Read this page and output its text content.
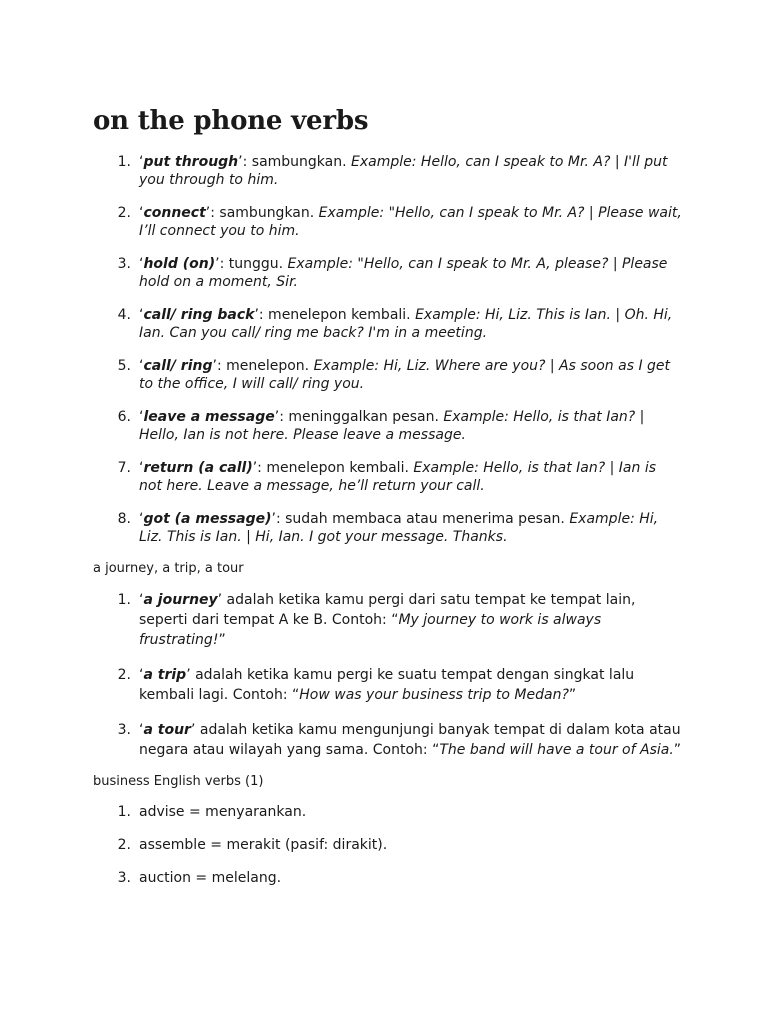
on the phone verbs
1. ‘put through’: sambungkan. Example: Hello, can I speak to Mr. A? | I'll put you through to him.
2. ‘connect’: sambungkan. Example: "Hello, can I speak to Mr. A? | Please wait, I’ll connect you to him.
3. ‘hold (on)’: tunggu. Example: "Hello, can I speak to Mr. A, please? | Please hold on a moment, Sir.
4. ‘call/ ring back’: menelepon kembali. Example: Hi, Liz. This is Ian. | Oh. Hi, Ian. Can you call/ ring me back? I'm in a meeting.
5. ‘call/ ring’: menelepon. Example: Hi, Liz. Where are you? | As soon as I get to the office, I will call/ ring you.
6. ‘leave a message’: meninggalkan pesan. Example: Hello, is that Ian? | Hello, Ian is not here. Please leave a message.
7. ‘return (a call)’: menelepon kembali. Example: Hello, is that Ian? | Ian is not here. Leave a message, he’ll return your call.
8. ‘got (a message)’: sudah membaca atau menerima pesan. Example: Hi, Liz. This is Ian. | Hi, Ian. I got your message. Thanks.

a journey, a trip, a tour

1. ‘a journey’ adalah ketika kamu pergi dari satu tempat ke tempat lain, seperti dari tempat A ke B. Contoh: “My journey to work is always frustrating!”
2. ‘a trip’ adalah ketika kamu pergi ke suatu tempat dengan singkat lalu kembali lagi. Contoh: “How was your business trip to Medan?”
3. ‘a tour’ adalah ketika kamu mengunjungi banyak tempat di dalam kota atau negara atau wilayah yang sama. Contoh: “The band will have a tour of Asia.”

business English verbs (1)

1. advise = menyarankan.
2. assemble = merakit (pasif: dirakit).
3. auction = melelang.
